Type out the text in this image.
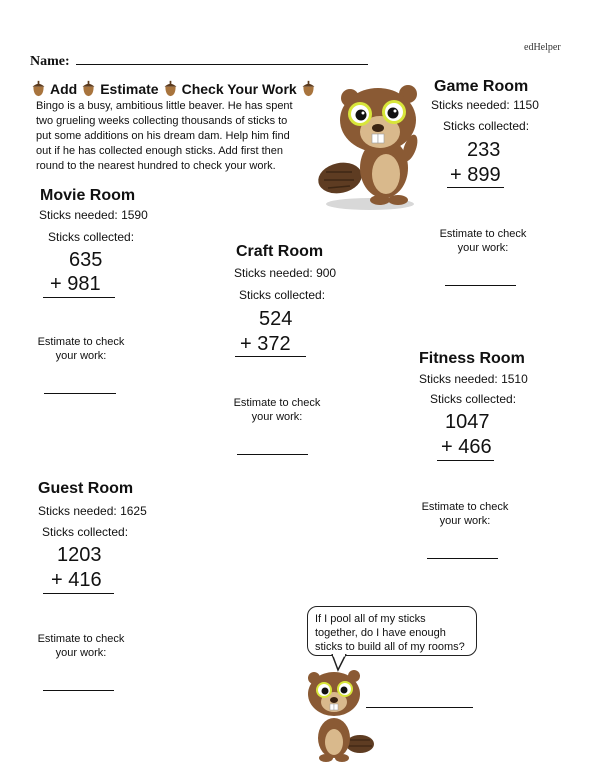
edHelper
Name:
Add Estimate Check Your Work
Bingo is a busy, ambitious little beaver. He has spent two grueling weeks collecting thousands of sticks to put some additions on his dream dam. Help him find out if he has collected enough sticks. Add first then round to the nearest hundred to check your work.
Game Room
Sticks needed: 1150
Sticks collected:
233
+ 899
Estimate to check
your work:
Movie Room
Sticks needed: 1590
Sticks collected:
635
+ 981
Estimate to check
your work:
Craft Room
Sticks needed: 900
Sticks collected:
524
+ 372
Estimate to check
your work:
Fitness Room
Sticks needed: 1510
Sticks collected:
1047
+ 466
Estimate to check
your work:
Guest Room
Sticks needed: 1625
Sticks collected:
1203
+ 416
Estimate to check
your work:
If I pool all of my sticks together, do I have enough sticks to build all of my rooms?
